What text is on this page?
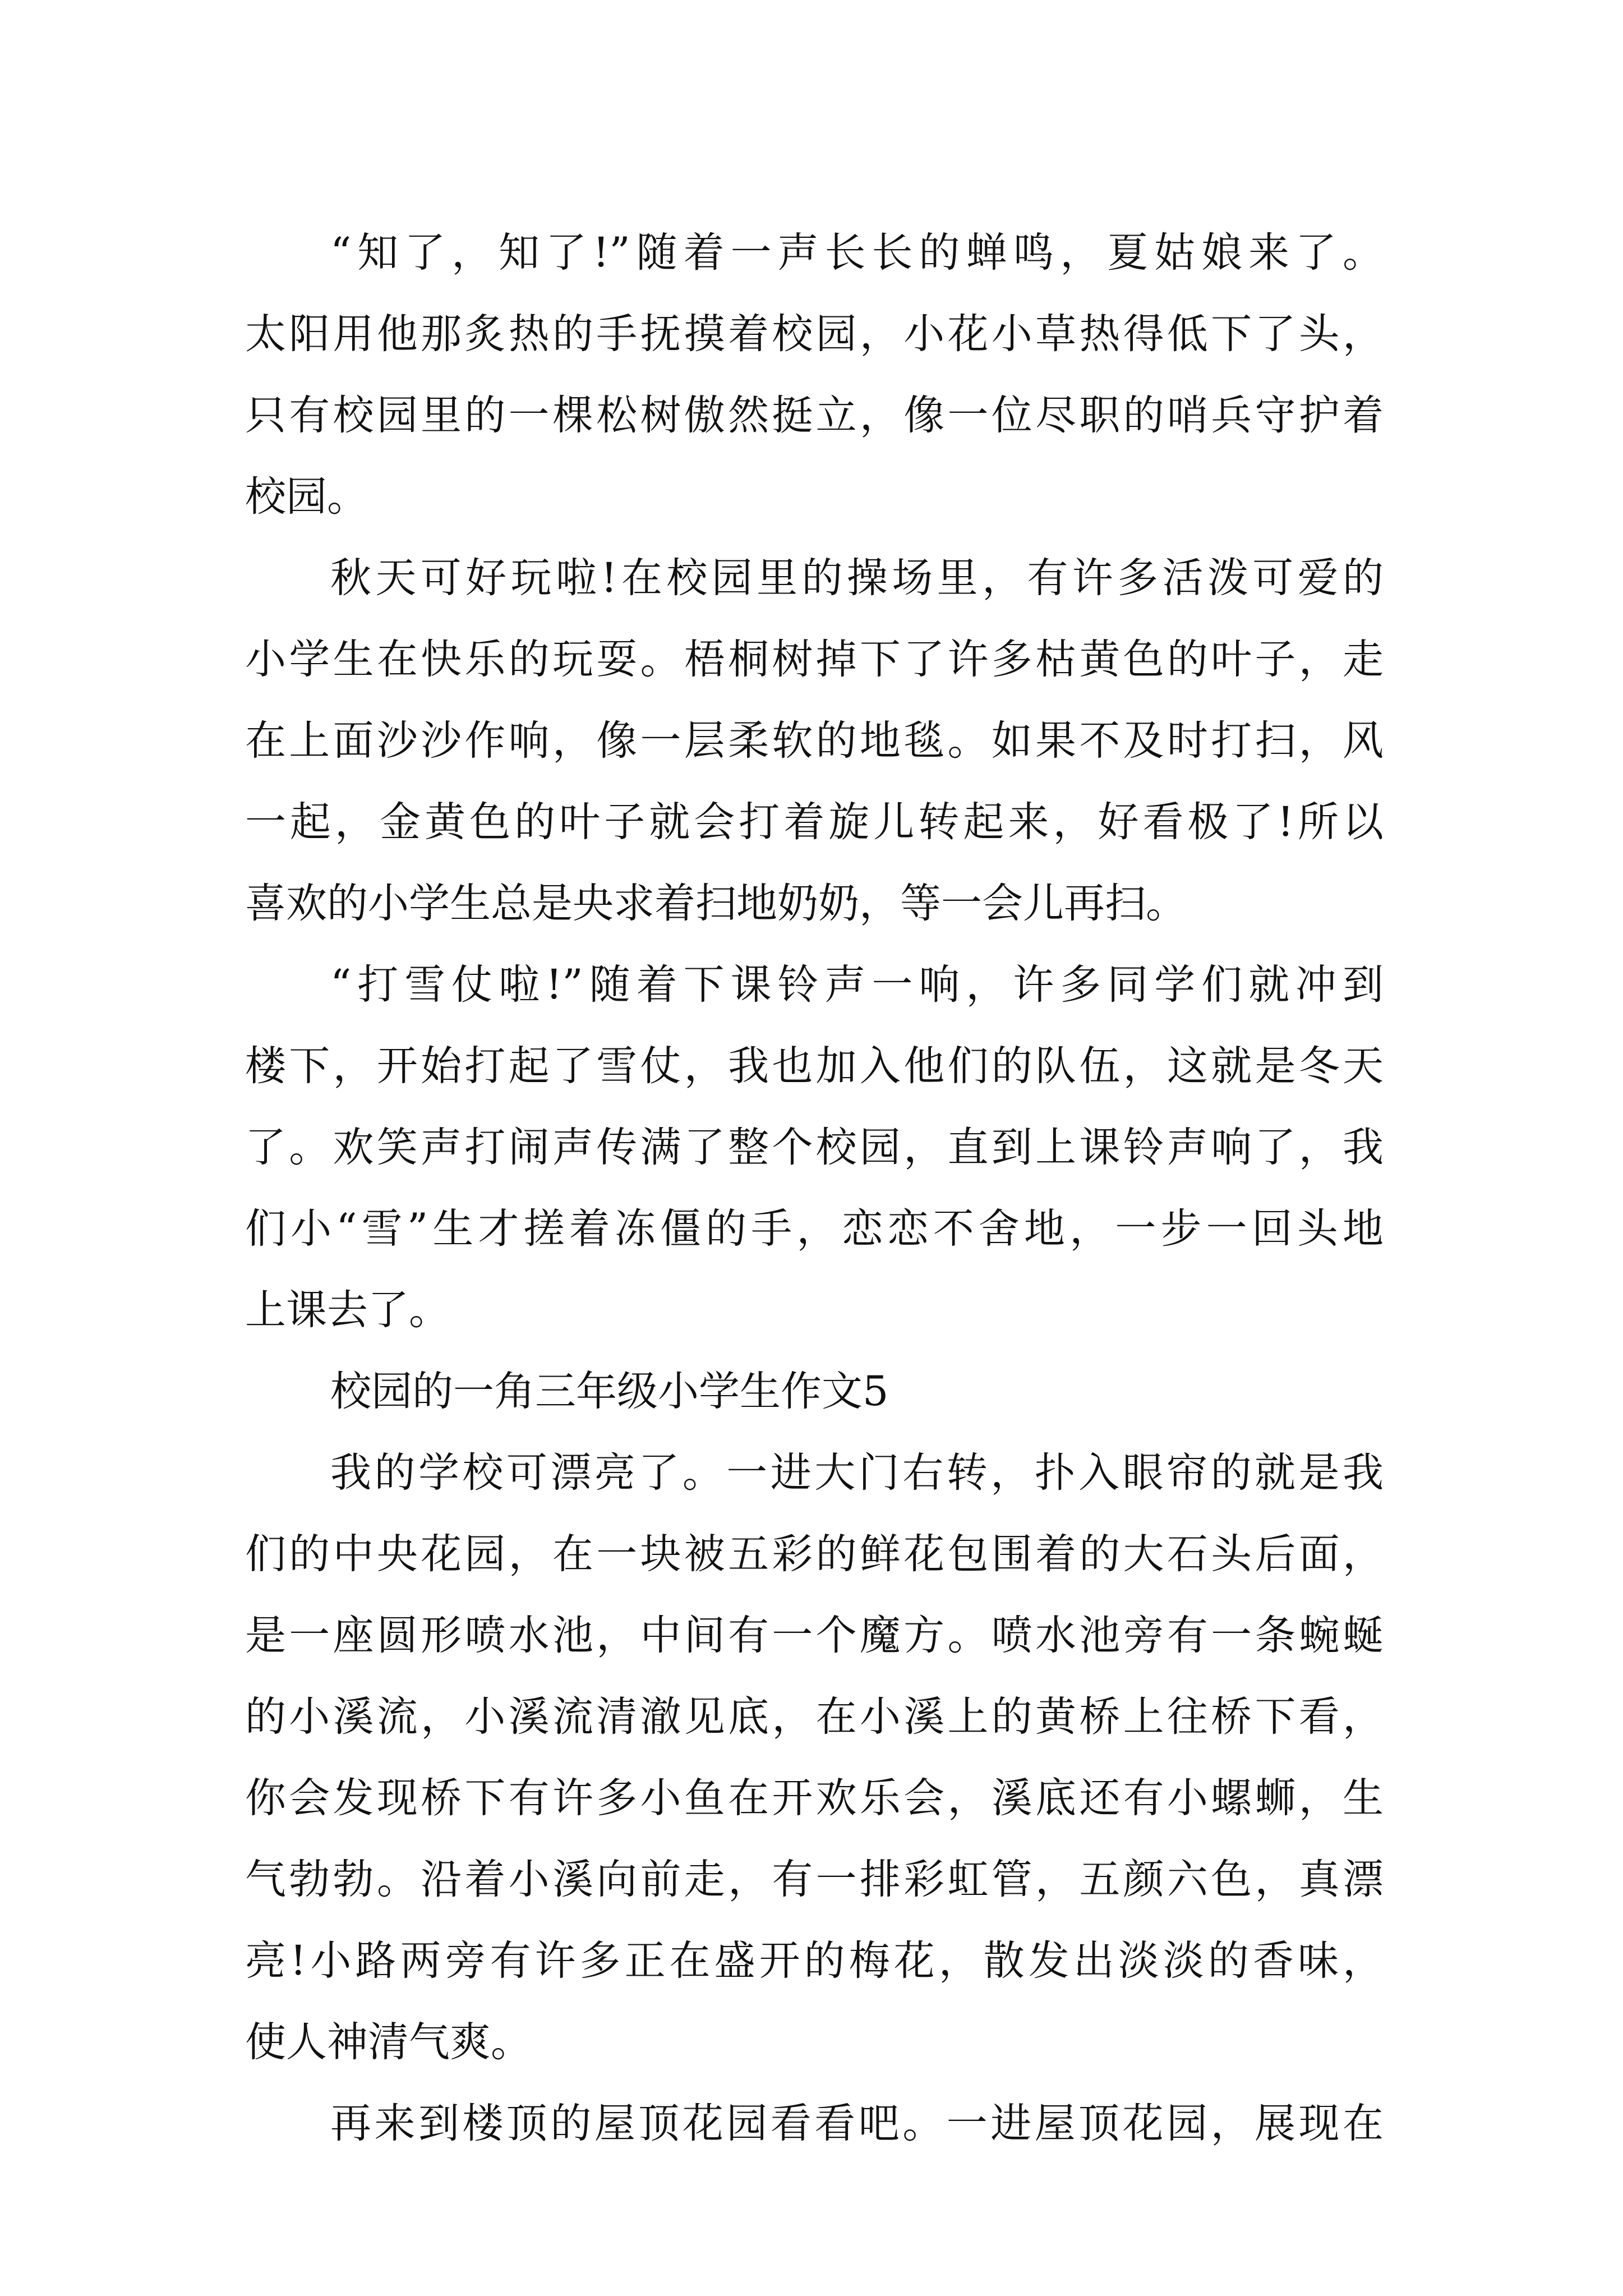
“知了，知了!”随着一声长长的蝉鸣，夏姑娘来了。
太阳用他那炙热的手抚摸着校园，小花小草热得低下了头，
只有校园里的一棵松树傲然挺立，像一位尽职的哨兵守护着
校园。
秋天可好玩啦!在校园里的操场里，有许多活泼可爱的
小学生在快乐的玩耍。梧桐树掉下了许多枯黄色的叶子，走
在上面沙沙作响，像一层柔软的地毯。如果不及时打扫，风
一起，金黄色的叶子就会打着旋儿转起来，好看极了!所以
喜欢的小学生总是央求着扫地奶奶，等一会儿再扫。
“打雪仗啦!”随着下课铃声一响，许多同学们就冲到
楼下，开始打起了雪仗，我也加入他们的队伍，这就是冬天
了。欢笑声打闹声传满了整个校园，直到上课铃声响了，我
们小“雪”生才搓着冻僵的手，恋恋不舍地，一步一回头地
上课去了。
校园的一角三年级小学生作文5
我的学校可漂亮了。一进大门右转，扑入眼帘的就是我
们的中央花园，在一块被五彩的鲜花包围着的大石头后面，
是一座圆形喷水池，中间有一个魔方。喷水池旁有一条蜿蜒
的小溪流，小溪流清澈见底，在小溪上的黄桥上往桥下看，
你会发现桥下有许多小鱼在开欢乐会，溪底还有小螺蛳，生
气勃勃。沿着小溪向前走，有一排彩虹管，五颜六色，真漂
亮!小路两旁有许多正在盛开的梅花，散发出淡淡的香味，
使人神清气爽。
再来到楼顶的屋顶花园看看吧。一进屋顶花园，展现在
